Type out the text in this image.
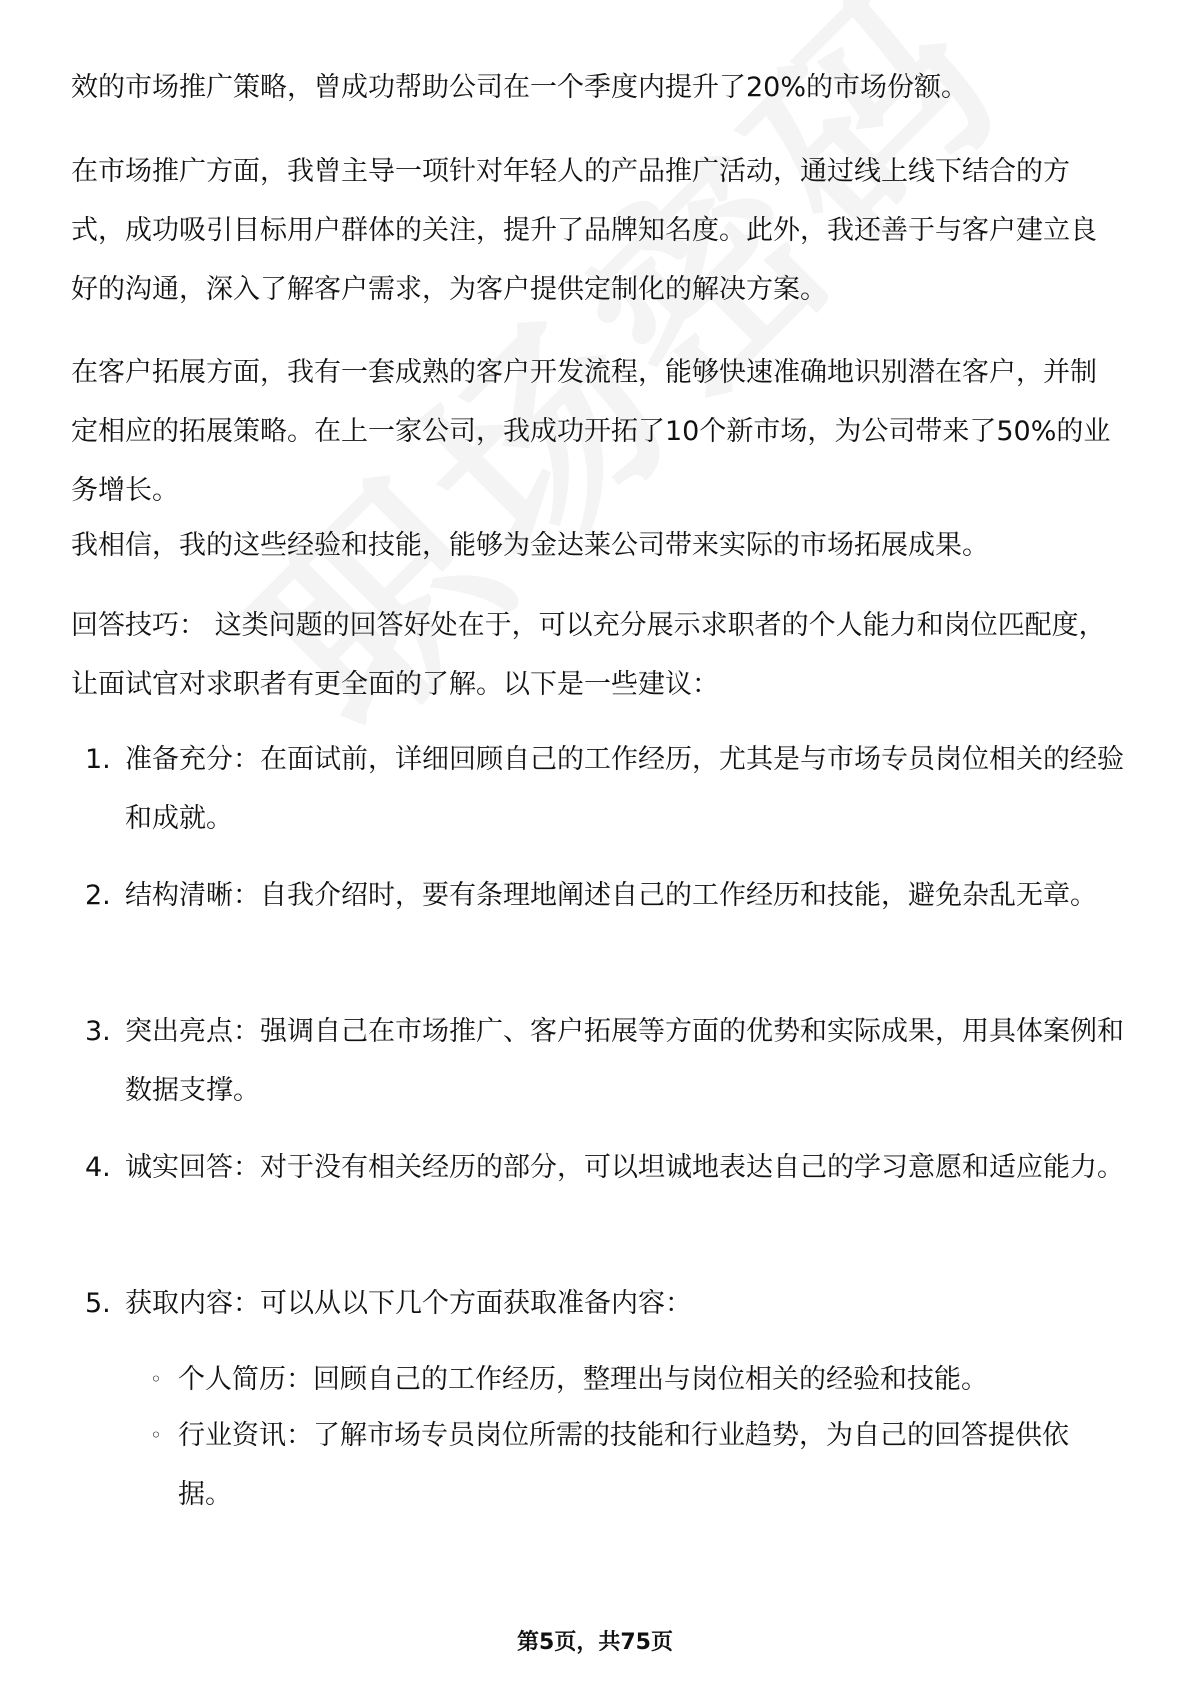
效的市场推广策略，曾成功帮助公司在一个季度内提升了20%的市场份额。

在市场推广方面，我曾主导一项针对年轻人的产品推广活动，通过线上线下结合的方式，成功吸引目标用户群体的关注，提升了品牌知名度。此外，我还善于与客户建立良好的沟通，深入了解客户需求，为客户提供定制化的解决方案。

在客户拓展方面，我有一套成熟的客户开发流程，能够快速准确地识别潜在客户，并制定相应的拓展策略。在上一家公司，我成功开拓了10个新市场，为公司带来了50%的业务增长。

我相信，我的这些经验和技能，能够为金达莱公司带来实际的市场拓展成果。

回答技巧： 这类问题的回答好处在于，可以充分展示求职者的个人能力和岗位匹配度，让面试官对求职者有更全面的了解。以下是一些建议：

1. 准备充分：在面试前，详细回顾自己的工作经历，尤其是与市场专员岗位相关的经验和成就。
2. 结构清晰：自我介绍时，要有条理地阐述自己的工作经历和技能，避免杂乱无章。
3. 突出亮点：强调自己在市场推广、客户拓展等方面的优势和实际成果，用具体案例和数据支撑。
4. 诚实回答：对于没有相关经历的部分，可以坦诚地表达自己的学习意愿和适应能力。
5. 获取内容：可以从以下几个方面获取准备内容：
◦ 个人简历：回顾自己的工作经历，整理出与岗位相关的经验和技能。
◦ 行业资讯：了解市场专员岗位所需的技能和行业趋势，为自己的回答提供依据。
第5页，共75页
